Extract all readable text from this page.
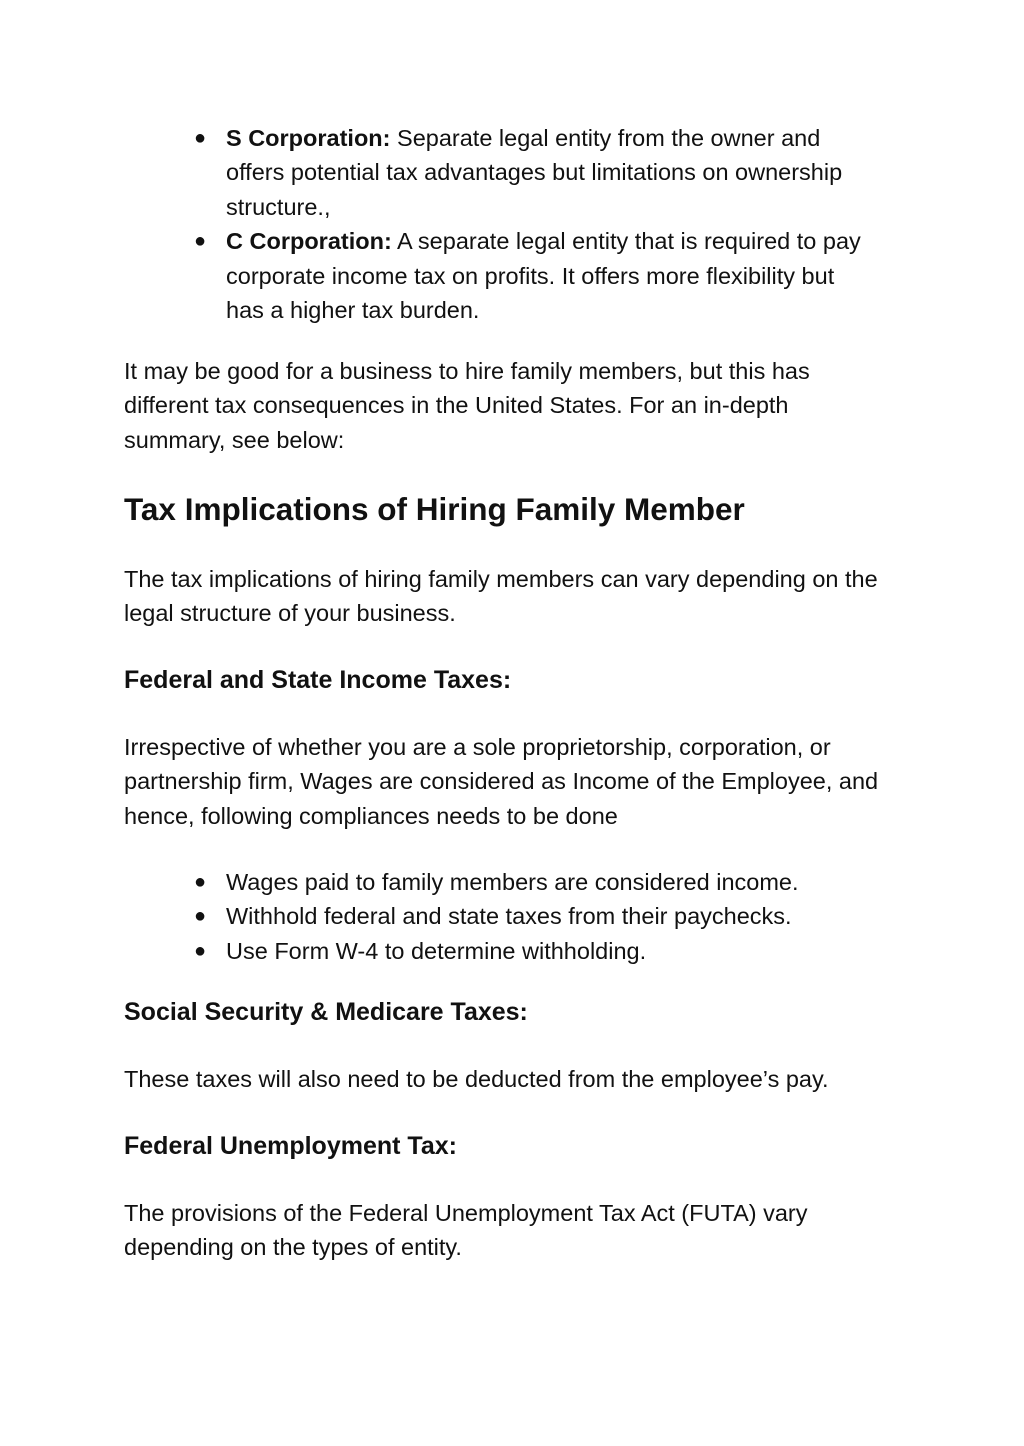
● S Corporation: Separate legal entity from the owner and offers potential tax advantages but limitations on ownership structure.,
● C Corporation: A separate legal entity that is required to pay corporate income tax on profits. It offers more flexibility but has a higher tax burden.

It may be good for a business to hire family members, but this has different tax consequences in the United States. For an in-depth summary, see below:

Tax Implications of Hiring Family Member

The tax implications of hiring family members can vary depending on the legal structure of your business.

Federal and State Income Taxes:

Irrespective of whether you are a sole proprietorship, corporation, or partnership firm, Wages are considered as Income of the Employee, and hence, following compliances needs to be done

● Wages paid to family members are considered income.
● Withhold federal and state taxes from their paychecks.
● Use Form W-4 to determine withholding.
Social Security & Medicare Taxes:

These taxes will also need to be deducted from the employee’s pay.

Federal Unemployment Tax:

The provisions of the Federal Unemployment Tax Act (FUTA) vary depending on the types of entity.
